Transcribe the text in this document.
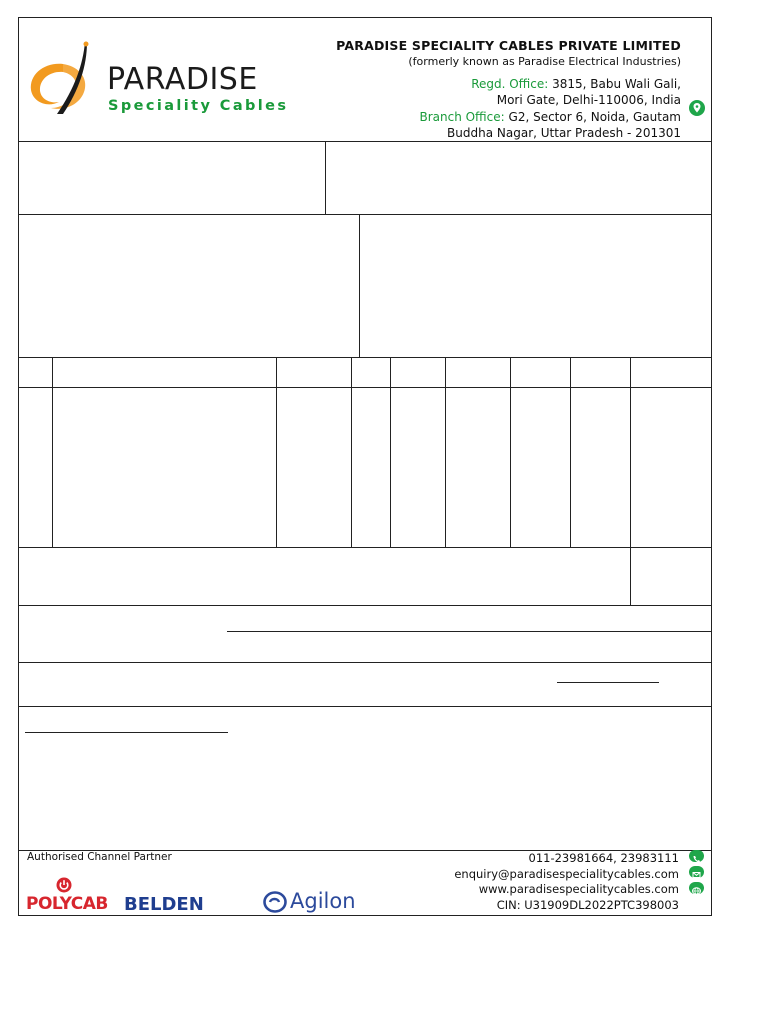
PARADISE
Speciality Cables
PARADISE SPECIALITY CABLES PRIVATE LIMITED
(formerly known as Paradise Electrical Industries)
Regd. Office: 3815, Babu Wali Gali,
Mori Gate, Delhi-110006, India
Branch Office: G2, Sector 6, Noida, Gautam
Buddha Nagar, Uttar Pradesh - 201301
Authorised Channel Partner
POLYCAB BELDEN	Agilon
011-23981664, 23983111
enquiry@paradisespecialitycables.com
www.paradisespecialitycables.com
CIN: U31909DL2022PTC398003
